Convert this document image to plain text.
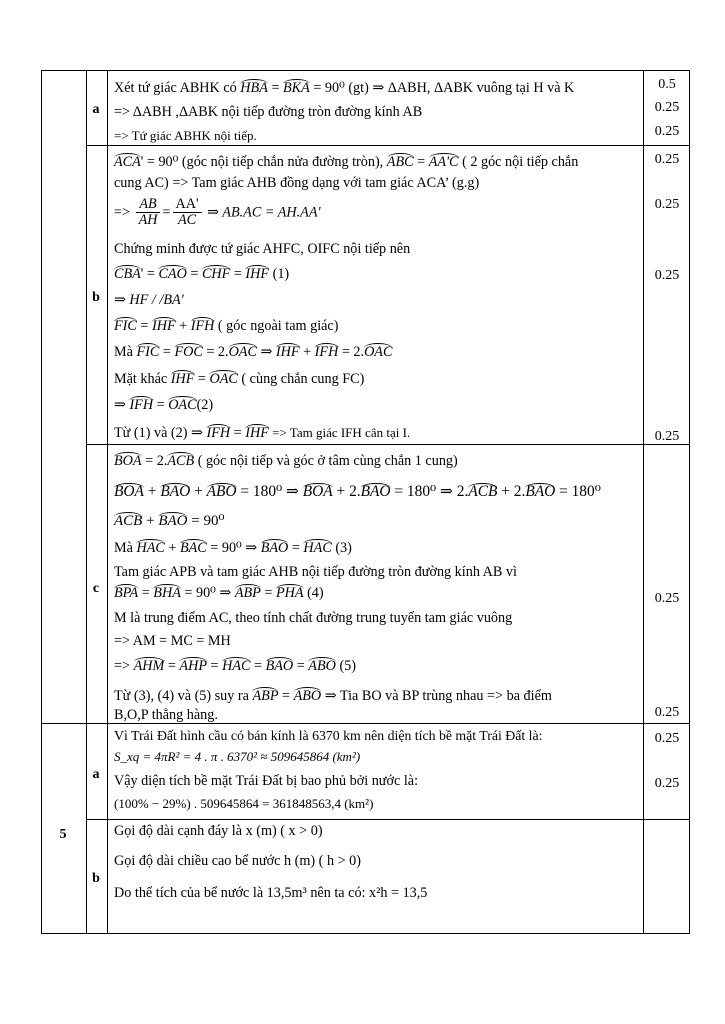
5
a
b
c
a
b
Xét tứ giác ABHK có HBA = BKA = 90⁰ (gt) ⇒ ΔABH, ΔABK vuông tại H và K
=> ΔABH ,ΔABK nội tiếp đường tròn đường kính AB
=> Tứ giác ABHK nội tiếp.
ACA' = 90⁰ (góc nội tiếp chắn nửa đường tròn), ABC = AA'C ( 2 góc nội tiếp chắn
cung AC) => Tam giác AHB đồng dạng với tam giác ACA’ (g.g)
=> $\frac{AB}{AH} = \frac{AA'}{AC}$ ⇒ AB.AC = AH.AA'
Chứng minh được tứ giác AHFC, OIFC nội tiếp nên
CBA' = CAO = CHF = IHF (1)
⇒ HF / /BA'
FIC = IHF + IFH ( góc ngoài tam giác)
Mà FIC = FOC = 2.OAC ⇒ IHF + IFH = 2.OAC
Mặt khác IHF = OAC ( cùng chắn cung FC)
⇒ IFH = OAC(2)
Từ (1) và (2) ⇒ IFH = IHF => Tam giác IFH cân tại I.
BOA = 2.ACB ( góc nội tiếp và góc ở tâm cùng chắn 1 cung)
BOA + BAO + ABO = 180⁰ ⇒ BOA + 2.BAO = 180⁰ ⇒ 2.ACB + 2.BAO = 180⁰
ACB + BAO = 90⁰
Mà HAC + BAC = 90⁰ ⇒ BAO = HAC (3)
Tam giác APB và tam giác AHB nội tiếp đường tròn đường kính AB vì
BPA = BHA = 90⁰ ⇒ ABP = PHA (4)
M là trung điểm AC, theo tính chất đường trung tuyến tam giác vuông
=> AM = MC = MH
=> AHM = AHP = HAC = BAO = ABO (5)
Từ (3), (4) và (5) suy ra ABP = ABO ⇒ Tia BO và BP trùng nhau => ba điểm
B,O,P thẳng hàng.
Vì Trái Đất hình cầu có bán kính là 6370 km nên diện tích bề mặt Trái Đất là:
S_xq = 4πR² = 4 . π . 6370² ≈ 509645864 (km²)
Vậy diện tích bề mặt Trái Đất bị bao phủ bởi nước là:
(100% − 29%) . 509645864 = 361848563,4 (km²)
Gọi độ dài cạnh đáy là x (m) ( x > 0)
Gọi độ dài chiều cao bể nước h (m) ( h > 0)
Do thể tích của bể nước là 13,5m³ nên ta có: x²h = 13,5
0.5
0.25
0.25
0.25
0.25
0.25
0.25
0.25
0.25
0.25
0.25
